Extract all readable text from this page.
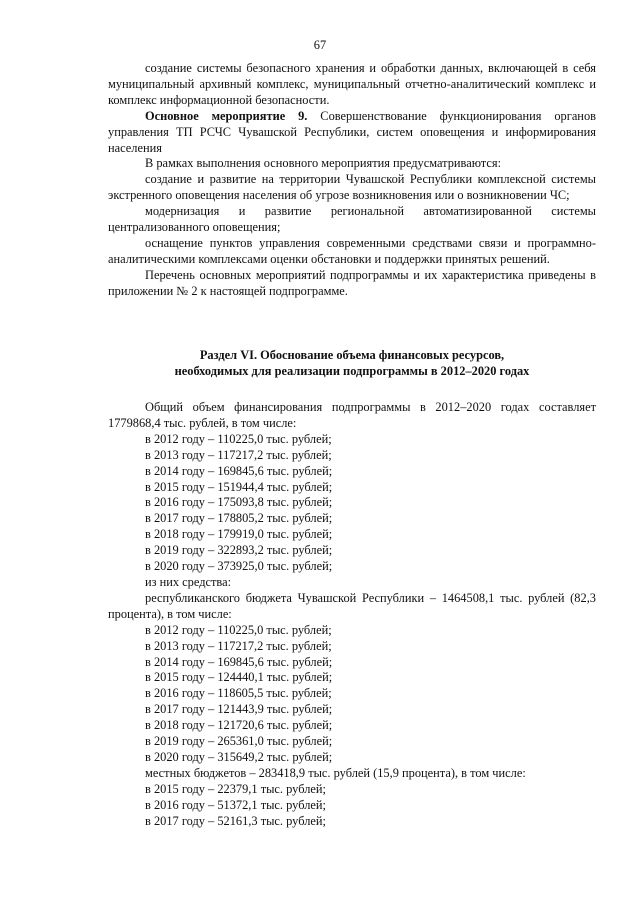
67

создание системы безопасного хранения и обработки данных, включающей в себя муниципальный архивный комплекс, муниципальный отчетно-аналитический комплекс и комплекс информационной безопасности.

Основное мероприятие 9. Совершенствование функционирования органов управления ТП РСЧС Чувашской Республики, систем оповещения и информирования населения

В рамках выполнения основного мероприятия предусматриваются:

создание и развитие на территории Чувашской Республики комплексной системы экстренного оповещения населения об угрозе возникновения или о возникновении ЧС;

модернизация и развитие региональной автоматизированной системы централизованного оповещения;

оснащение пунктов управления современными средствами связи и программно-аналитическими комплексами оценки обстановки и поддержки принятых решений.

Перечень основных мероприятий подпрограммы и их характеристика приведены в приложении № 2 к настоящей подпрограмме.

Раздел VI. Обоснование объема финансовых ресурсов,
необходимых для реализации подпрограммы в 2012–2020 годах

Общий объем финансирования подпрограммы в 2012–2020 годах составляет 1779868,4 тыс. рублей, в том числе:

в 2012 году – 110225,0 тыс. рублей;

в 2013 году – 117217,2 тыс. рублей;

в 2014 году – 169845,6 тыс. рублей;

в 2015 году – 151944,4 тыс. рублей;

в 2016 году – 175093,8 тыс. рублей;

в 2017 году – 178805,2 тыс. рублей;

в 2018 году – 179919,0 тыс. рублей;

в 2019 году – 322893,2 тыс. рублей;

в 2020 году – 373925,0 тыс. рублей;

из них средства:

республиканского бюджета Чувашской Республики – 1464508,1 тыс. рублей (82,3 процента), в том числе:

в 2012 году – 110225,0 тыс. рублей;

в 2013 году – 117217,2 тыс. рублей;

в 2014 году – 169845,6 тыс. рублей;

в 2015 году – 124440,1 тыс. рублей;

в 2016 году – 118605,5 тыс. рублей;

в 2017 году – 121443,9 тыс. рублей;

в 2018 году – 121720,6 тыс. рублей;

в 2019 году – 265361,0 тыс. рублей;

в 2020 году – 315649,2 тыс. рублей;

местных бюджетов – 283418,9 тыс. рублей (15,9 процента), в том числе:

в 2015 году – 22379,1 тыс. рублей;

в 2016 году – 51372,1 тыс. рублей;

в 2017 году – 52161,3 тыс. рублей;
